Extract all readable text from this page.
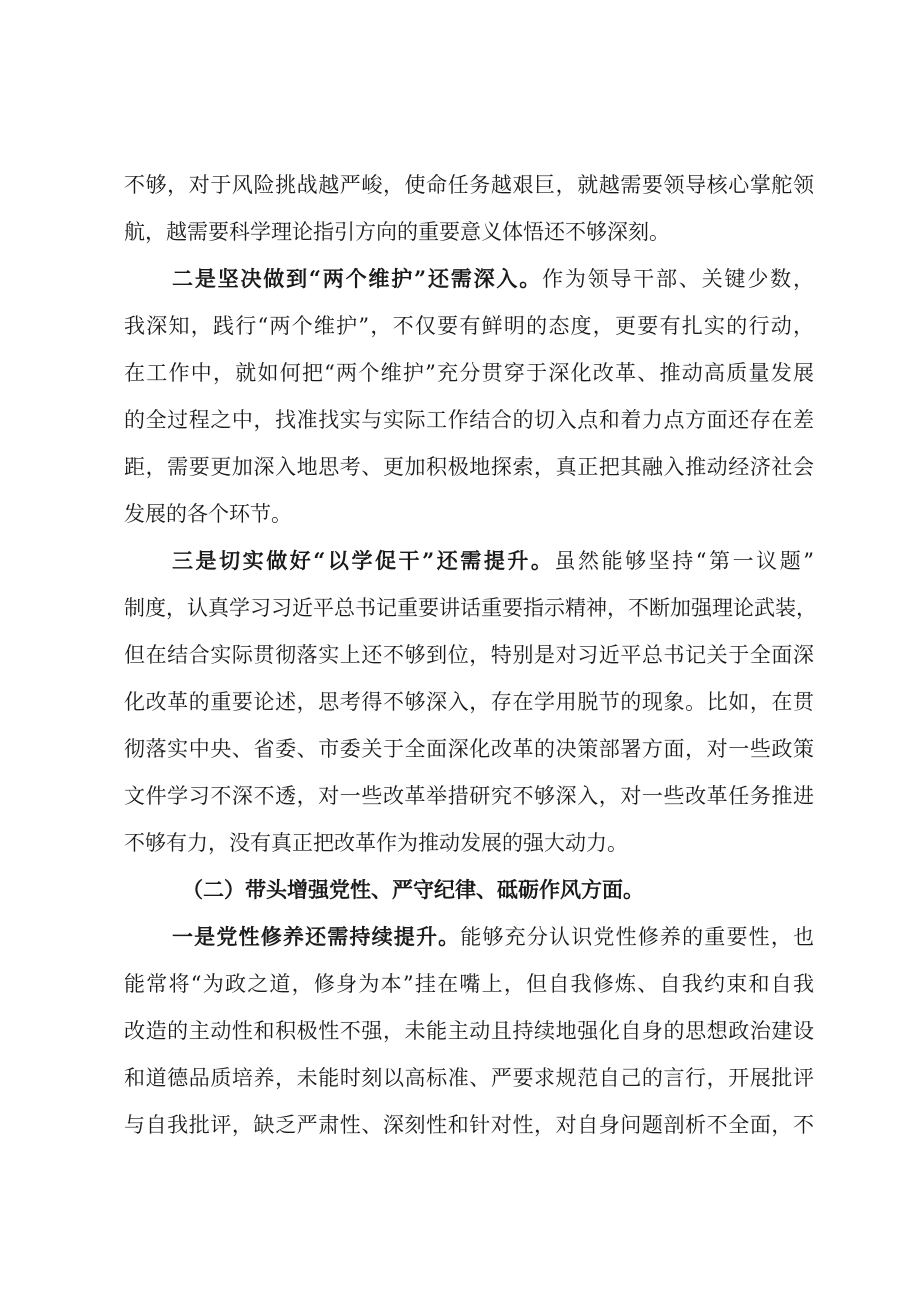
不够，对于风险挑战越严峻，使命任务越艰巨，就越需要领导核心掌舵领
航，越需要科学理论指引方向的重要意义体悟还不够深刻。
二是坚决做到“两个维护”还需深入。作为领导干部、关键少数，
我深知，践行“两个维护”，不仅要有鲜明的态度，更要有扎实的行动，
在工作中，就如何把“两个维护”充分贯穿于深化改革、推动高质量发展
的全过程之中，找准找实与实际工作结合的切入点和着力点方面还存在差
距，需要更加深入地思考、更加积极地探索，真正把其融入推动经济社会
发展的各个环节。
三是切实做好“以学促干”还需提升。虽然能够坚持“第一议题”
制度，认真学习习近平总书记重要讲话重要指示精神，不断加强理论武装，
但在结合实际贯彻落实上还不够到位，特别是对习近平总书记关于全面深
化改革的重要论述，思考得不够深入，存在学用脱节的现象。比如，在贯
彻落实中央、省委、市委关于全面深化改革的决策部署方面，对一些政策
文件学习不深不透，对一些改革举措研究不够深入，对一些改革任务推进
不够有力，没有真正把改革作为推动发展的强大动力。
（二）带头增强党性、严守纪律、砥砺作风方面。
一是党性修养还需持续提升。能够充分认识党性修养的重要性，也
能常将“为政之道，修身为本”挂在嘴上，但自我修炼、自我约束和自我
改造的主动性和积极性不强，未能主动且持续地强化自身的思想政治建设
和道德品质培养，未能时刻以高标准、严要求规范自己的言行，开展批评
与自我批评，缺乏严肃性、深刻性和针对性，对自身问题剖析不全面，不
